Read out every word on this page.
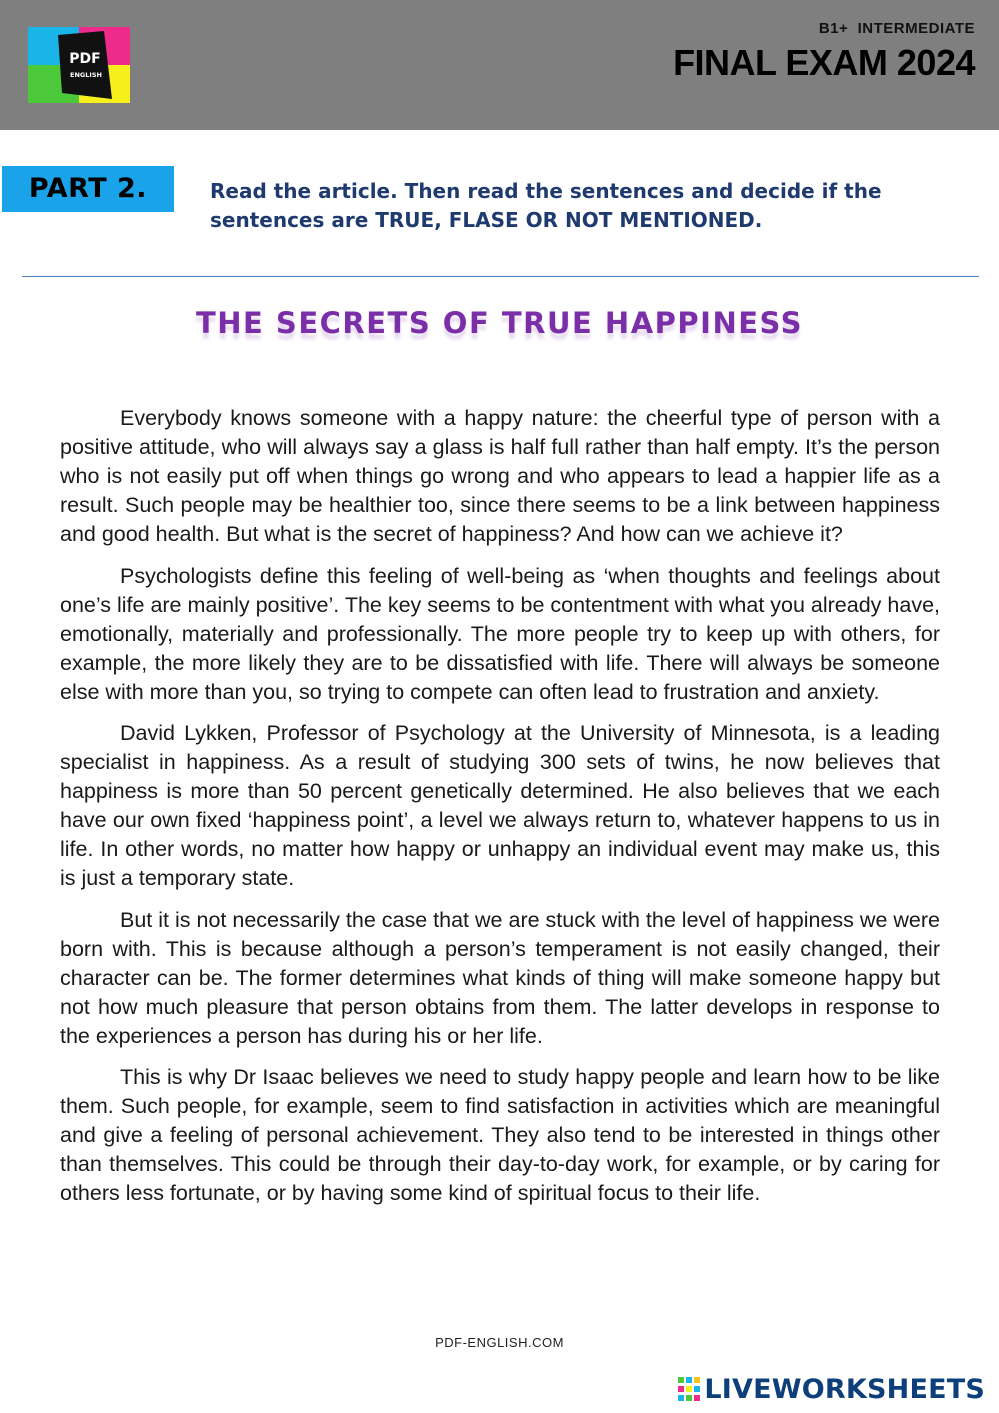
PDF
ENGLISH
B1+  INTERMEDIATE
FINAL EXAM 2024
PART 2.	Read the article. Then read the sentences and decide if the sentences are TRUE, FLASE OR NOT MENTIONED.
THE SECRETS OF TRUE HAPPINESS

Everybody knows someone with a happy nature: the cheerful type of person with a positive attitude, who will always say a glass is half full rather than half empty. It’s the person who is not easily put off when things go wrong and who appears to lead a happier life as a result. Such people may be healthier too, since there seems to be a link between happiness and good health. But what is the secret of happiness? And how can we achieve it?

Psychologists define this feeling of well-being as ‘when thoughts and feelings about one’s life are mainly positive’. The key seems to be contentment with what you already have, emotionally, materially and professionally. The more people try to keep up with others, for example, the more likely they are to be dissatisfied with life. There will always be someone else with more than you, so trying to compete can often lead to frustration and anxiety.

David Lykken, Professor of Psychology at the University of Minnesota, is a leading specialist in happiness. As a result of studying 300 sets of twins, he now believes that happiness is more than 50 percent genetically determined. He also believes that we each have our own fixed ‘happiness point’, a level we always return to, whatever happens to us in life. In other words, no matter how happy or unhappy an individual event may make us, this is just a temporary state.

But it is not necessarily the case that we are stuck with the level of happiness we were born with. This is because although a person’s temperament is not easily changed, their character can be. The former determines what kinds of thing will make someone happy but not how much pleasure that person obtains from them. The latter develops in response to the experiences a person has during his or her life.

This is why Dr Isaac believes we need to study happy people and learn how to be like them. Such people, for example, seem to find satisfaction in activities which are meaningful and give a feeling of personal achievement. They also tend to be interested in things other than themselves. This could be through their day-to-day work, for example, or by caring for others less fortunate, or by having some kind of spiritual focus to their life.

PDF-ENGLISH.COM
LIVEWORKSHEETS
